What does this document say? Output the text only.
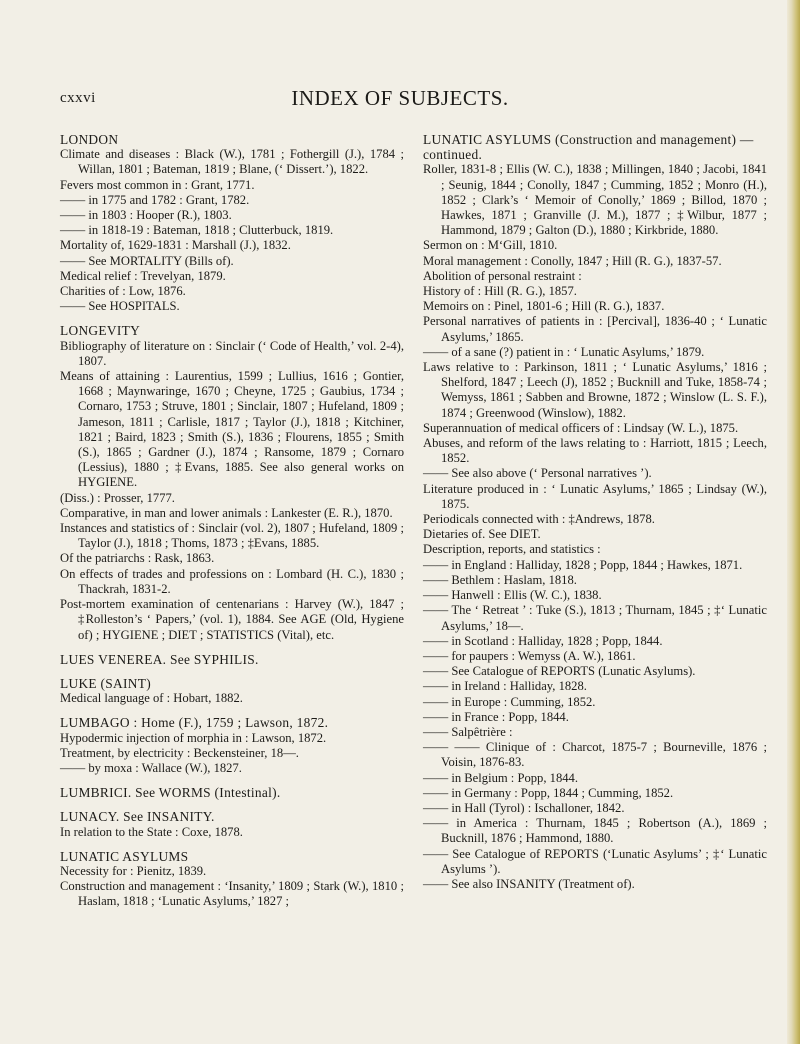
cxxvi	INDEX OF SUBJECTS.
LONDON
Climate and diseases : Black (W.), 1781 ; Fothergill (J.), 1784 ; Willan, 1801 ; Bateman, 1819 ; Blane, (‘ Dissert.’), 1822.
Fevers most common in : Grant, 1771.
—— in 1775 and 1782 : Grant, 1782.
—— in 1803 : Hooper (R.), 1803.
—— in 1818-19 : Bateman, 1818 ; Clutterbuck, 1819.
Mortality of, 1629-1831 : Marshall (J.), 1832.
—— See MORTALITY (Bills of).
Medical relief : Trevelyan, 1879.
Charities of : Low, 1876.
—— See HOSPITALS.
LONGEVITY
Bibliography of literature on : Sinclair (‘ Code of Health,’ vol. 2-4), 1807.
Means of attaining : Laurentius, 1599 ; Lullius, 1616 ; Gontier, 1668 ; Maynwaringe, 1670 ; Cheyne, 1725 ; Gaubius, 1734 ; Cornaro, 1753 ; Struve, 1801 ; Sinclair, 1807 ; Hufeland, 1809 ; Jameson, 1811 ; Carlisle, 1817 ; Taylor (J.), 1818 ; Kitchiner, 1821 ; Baird, 1823 ; Smith (S.), 1836 ; Flourens, 1855 ; Smith (S.), 1865 ; Gardner (J.), 1874 ; Ransome, 1879 ; Cornaro (Lessius), 1880 ; ‡Evans, 1885. See also general works on HYGIENE.
(Diss.) : Prosser, 1777.
Comparative, in man and lower animals : Lankester (E. R.), 1870.
Instances and statistics of : Sinclair (vol. 2), 1807 ; Hufeland, 1809 ; Taylor (J.), 1818 ; Thoms, 1873 ; ‡Evans, 1885.
Of the patriarchs : Rask, 1863.
On effects of trades and professions on : Lombard (H. C.), 1830 ; Thackrah, 1831-2.
Post-mortem examination of centenarians : Harvey (W.), 1847 ; ‡Rolleston’s ‘ Papers,’ (vol. 1), 1884. See AGE (Old, Hygiene of) ; HYGIENE ; DIET ; STATISTICS (Vital), etc.
LUES VENEREA. See SYPHILIS.
LUKE (SAINT)
Medical language of : Hobart, 1882.
LUMBAGO : Home (F.), 1759 ; Lawson, 1872.
Hypodermic injection of morphia in : Lawson, 1872.
Treatment, by electricity : Beckensteiner, 18—.
—— by moxa : Wallace (W.), 1827.
LUMBRICI. See WORMS (Intestinal).
LUNACY. See INSANITY.
In relation to the State : Coxe, 1878.
LUNATIC ASYLUMS
Necessity for : Pienitz, 1839.
Construction and management : ‘Insanity,’ 1809 ; Stark (W.), 1810 ; Haslam, 1818 ; ‘Lunatic Asylums,’ 1827 ;
LUNATIC ASYLUMS (Construction and management) —continued.
Roller, 1831-8 ; Ellis (W. C.), 1838 ; Millingen, 1840 ; Jacobi, 1841 ; Seunig, 1844 ; Conolly, 1847 ; Cumming, 1852 ; Monro (H.), 1852 ; Clark’s ‘ Memoir of Conolly,’ 1869 ; Billod, 1870 ; Hawkes, 1871 ; Granville (J. M.), 1877 ; ‡Wilbur, 1877 ; Hammond, 1879 ; Galton (D.), 1880 ; Kirkbride, 1880.
Sermon on : M‘Gill, 1810.
Moral management : Conolly, 1847 ; Hill (R. G.), 1837-57.
Abolition of personal restraint :
History of : Hill (R. G.), 1857.
Memoirs on : Pinel, 1801-6 ; Hill (R. G.), 1837.
Personal narratives of patients in : [Percival], 1836-40 ; ‘ Lunatic Asylums,’ 1865.
—— of a sane (?) patient in : ‘ Lunatic Asylums,’ 1879.
Laws relative to : Parkinson, 1811 ; ‘ Lunatic Asylums,’ 1816 ; Shelford, 1847 ; Leech (J), 1852 ; Bucknill and Tuke, 1858-74 ; Wemyss, 1861 ; Sabben and Browne, 1872 ; Winslow (L. S. F.), 1874 ; Greenwood (Winslow), 1882.
Superannuation of medical officers of : Lindsay (W. L.), 1875.
Abuses, and reform of the laws relating to : Harriott, 1815 ; Leech, 1852.
—— See also above (‘ Personal narratives ’).
Literature produced in : ‘ Lunatic Asylums,’ 1865 ; Lindsay (W.), 1875.
Periodicals connected with : ‡Andrews, 1878.
Dietaries of. See DIET.
Description, reports, and statistics :
—— in England : Halliday, 1828 ; Popp, 1844 ; Hawkes, 1871.
—— Bethlem : Haslam, 1818.
—— Hanwell : Ellis (W. C.), 1838.
—— The ‘ Retreat ’ : Tuke (S.), 1813 ; Thurnam, 1845 ; ‡‘ Lunatic Asylums,’ 18—.
—— in Scotland : Halliday, 1828 ; Popp, 1844.
—— for paupers : Wemyss (A. W.), 1861.
—— See Catalogue of REPORTS (Lunatic Asylums).
—— in Ireland : Halliday, 1828.
—— in Europe : Cumming, 1852.
—— in France : Popp, 1844.
—— Salpêtrière :
—— —— Clinique of : Charcot, 1875-7 ; Bourneville, 1876 ; Voisin, 1876-83.
—— in Belgium : Popp, 1844.
—— in Germany : Popp, 1844 ; Cumming, 1852.
—— in Hall (Tyrol) : Ischalloner, 1842.
—— in America : Thurnam, 1845 ; Robertson (A.), 1869 ; Bucknill, 1876 ; Hammond, 1880.
—— See Catalogue of REPORTS (‘Lunatic Asylums’ ; ‡‘ Lunatic Asylums ’).
—— See also INSANITY (Treatment of).
